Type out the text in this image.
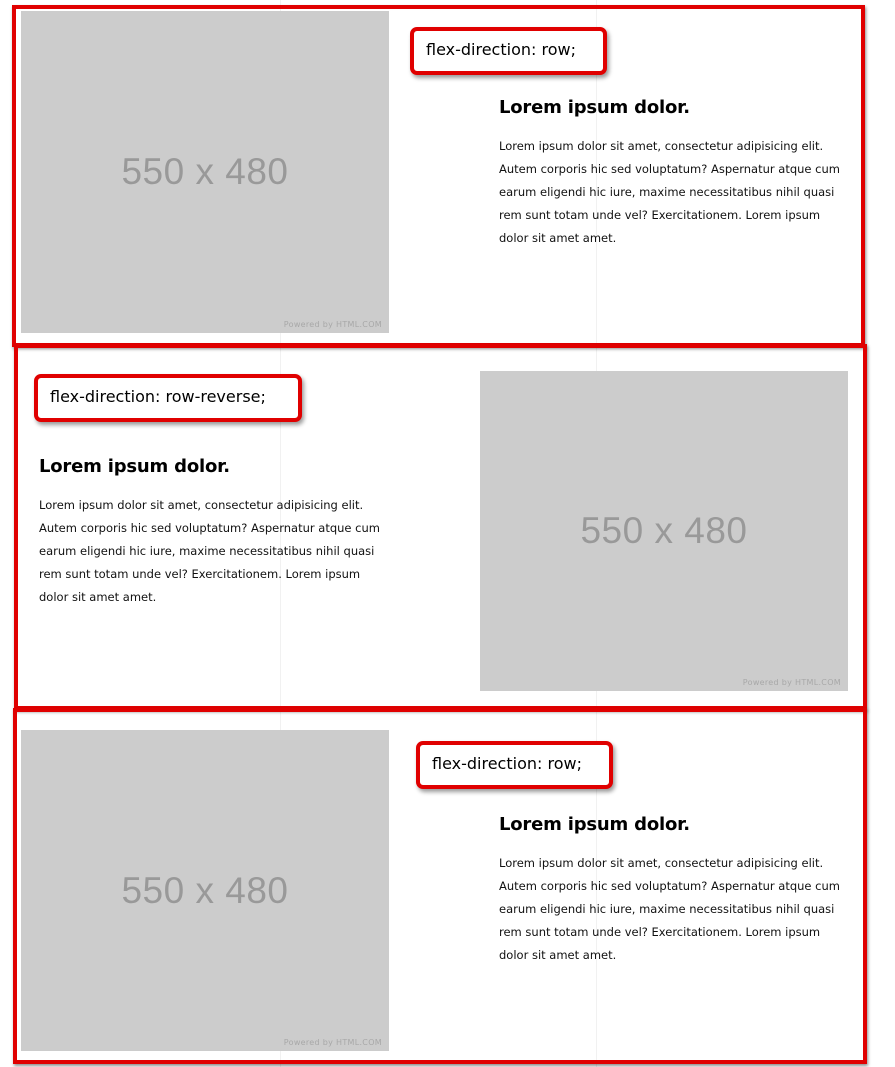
550 x 480
Powered by HTML.COM
flex-direction: row;
Lorem ipsum dolor.

Lorem ipsum dolor sit amet, consectetur adipisicing elit. Autem corporis hic sed voluptatum? Aspernatur atque cum earum eligendi hic iure, maxime necessitatibus nihil quasi rem sunt totam unde vel? Exercitationem. Lorem ipsum dolor sit amet amet.

550 x 480
Powered by HTML.COM
flex-direction: row-reverse;
Lorem ipsum dolor.

Lorem ipsum dolor sit amet, consectetur adipisicing elit. Autem corporis hic sed voluptatum? Aspernatur atque cum earum eligendi hic iure, maxime necessitatibus nihil quasi rem sunt totam unde vel? Exercitationem. Lorem ipsum dolor sit amet amet.

550 x 480
Powered by HTML.COM
flex-direction: row;
Lorem ipsum dolor.

Lorem ipsum dolor sit amet, consectetur adipisicing elit. Autem corporis hic sed voluptatum? Aspernatur atque cum earum eligendi hic iure, maxime necessitatibus nihil quasi rem sunt totam unde vel? Exercitationem. Lorem ipsum dolor sit amet amet.
